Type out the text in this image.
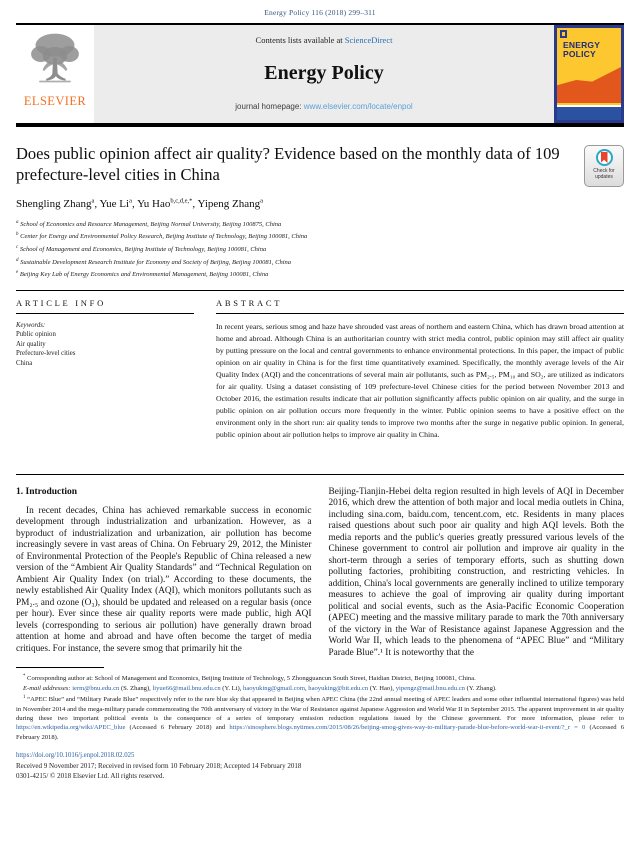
Energy Policy 116 (2018) 299–311
ELSEVIER
Contents lists available at ScienceDirect
Energy Policy
journal homepage: www.elsevier.com/locate/enpol
ENERGY
POLICY
Does public opinion affect air quality? Evidence based on the monthly data of 109 prefecture-level cities in China	Check for
updates
Shengling Zhang$^a$, Yue Li$^a$, Yu Hao$^{b,c,d,e,*}$, Yipeng Zhang$^a$
$^a$ School of Economics and Resource Management, Beijing Normal University, Beijing 100875, China
$^b$ Center for Energy and Environmental Policy Research, Beijing Institute of Technology, Beijing 100081, China
$^c$ School of Management and Economics, Beijing Institute of Technology, Beijing 100081, China
$^d$ Sustainable Development Research Institute for Economy and Society of Beijing, Beijing 100081, China
$^e$ Beijing Key Lab of Energy Economics and Environmental Management, Beijing 100081, China
ARTICLE INFO
Keywords:
Public opinion
Air quality
Prefecture-level cities
China
ABSTRACT

In recent years, serious smog and haze have shrouded vast areas of northern and eastern China, which has drawn broad attention at home and abroad. Although China is an authoritarian country with strict media control, public opinion may still affect air quality by putting pressure on the local and central governments to enhance environmental protections. In this paper, the impact of public opinion on air quality in China is for the first time quantitatively examined. Specifically, the monthly average levels of the Air Quality Index (AQI) and the concentrations of several main air pollutants, such as PM₂.₅, PM₁₀ and SO₂, are utilized as indicators for air quality. Using a dataset consisting of 109 prefecture-level Chinese cities for the period between November 2013 and October 2016, the estimation results indicate that air pollution significantly affects public opinion on air quality, and the surge in public opinion on air pollution occurs more frequently in the winter. Public opinion seems to have a positive effect on the environment only in the short run: air quality tends to improve two months after the surge in negative public opinion. In general, public opinion about air pollution helps to improve air quality in China.

1. Introduction

In recent decades, China has achieved remarkable success in economic development through industrialization and urbanization. However, as a byproduct of industrialization and urbanization, air pollution has become increasingly severe in vast areas of China. On February 29, 2012, the Minister of Environmental Protection of the People's Republic of China released a new version of the “Ambient Air Quality Standards” and “Technical Regulation on Ambient Air Quality Index (on trial).” According to these documents, the newly established Air Quality Index (AQI), which monitors pollutants such as PM₂.₅ and ozone (O₃), should be updated and released on a regular basis (once per hour). Ever since these air quality reports were made public, high AQI levels (corresponding to serious air pollution) have generally drawn broad attention at home and abroad and have often become the target of media critiques. For instance, the severe smog that primarily hit the

Beijing-Tianjin-Hebei delta region resulted in high levels of AQI in December 2016, which drew the attention of both major and local media outlets in China, including sina.com, baidu.com, tencent.com, etc. Residents in many places raised questions about such poor air quality and high AQI levels. Both the media reports and the public's queries greatly pressured various levels of the Chinese government to control air pollution and improve air quality in the short-term through a series of temporary efforts, such as shutting down polluting factories, prohibiting construction, and restricting vehicles. In addition, China's local governments are generally inclined to utilize temporary measures to achieve the goal of improving air quality during important political and social events, such as the Asia-Pacific Economic Cooperation (APEC) meeting and the massive military parade to mark the 70th anniversary of the victory in the War of Resistance against Japanese Aggression and the World War II, which leads to the phenomena of “APEC Blue” and “Military Parade Blue”.¹ It is noteworthy that the

* Corresponding author at: School of Management and Economics, Beijing Institute of Technology, 5 Zhongguancun South Street, Haidian District, Beijing 100081, China.

E-mail addresses: ierm@bnu.edu.cn (S. Zhang), liyue66@mail.bnu.edu.cn (Y. Li), haoyuking@gmail.com, haoyuking@bit.edu.cn (Y. Hao), yipengz@mail.bnu.edu.cn (Y. Zhang).

$^1$ “APEC Blue” and “Military Parade Blue” respectively refer to the rare blue sky that appeared in Beijing when APEC China (the 22nd annual meeting of APEC leaders and some other influential international figures) was held in November 2014 and the mega-military parade commemorating the 70th anniversary of victory in the War of Resistance against Japanese Aggression and World War II in September 2015. The apparent improvement in air quality during these two important political events is the consequence of a series of temporary emission reduction regulations issued by the Chinese government. For more information, please refer to https://en.wikipedia.org/wiki/APEC_blue (Accessed 6 February 2018) and https://sinosphere.blogs.nytimes.com/2015/08/26/beijing-smog-gives-way-to-military-parade-blue-before-world-war-ii-event/?_r = 0 (Accessed 6 February 2018).

https://doi.org/10.1016/j.enpol.2018.02.025
Received 9 November 2017; Received in revised form 10 February 2018; Accepted 14 February 2018
0301-4215/ © 2018 Elsevier Ltd. All rights reserved.
